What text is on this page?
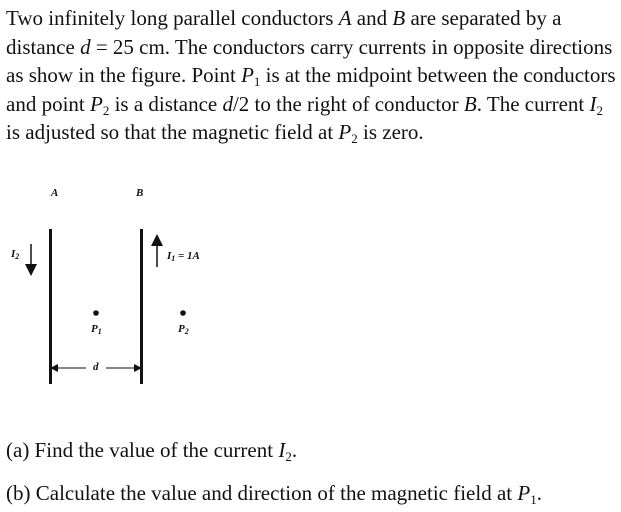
Two infinitely long parallel conductors A and B are separated by a distance d = 25 cm. The conductors carry currents in opposite directions as show in the figure. Point $P_1$ is at the midpoint between the conductors and point $P_2$ is a distance d/2 to the right of conductor B. The current $I_2$ is adjusted so that the magnetic field at $P_2$ is zero.

A	B
$I_2$	$I_1 = 1A$
$P_1$	$P_2$
d
(a) Find the value of the current $I_2$.
(b) Calculate the value and direction of the magnetic field at $P_1$.
